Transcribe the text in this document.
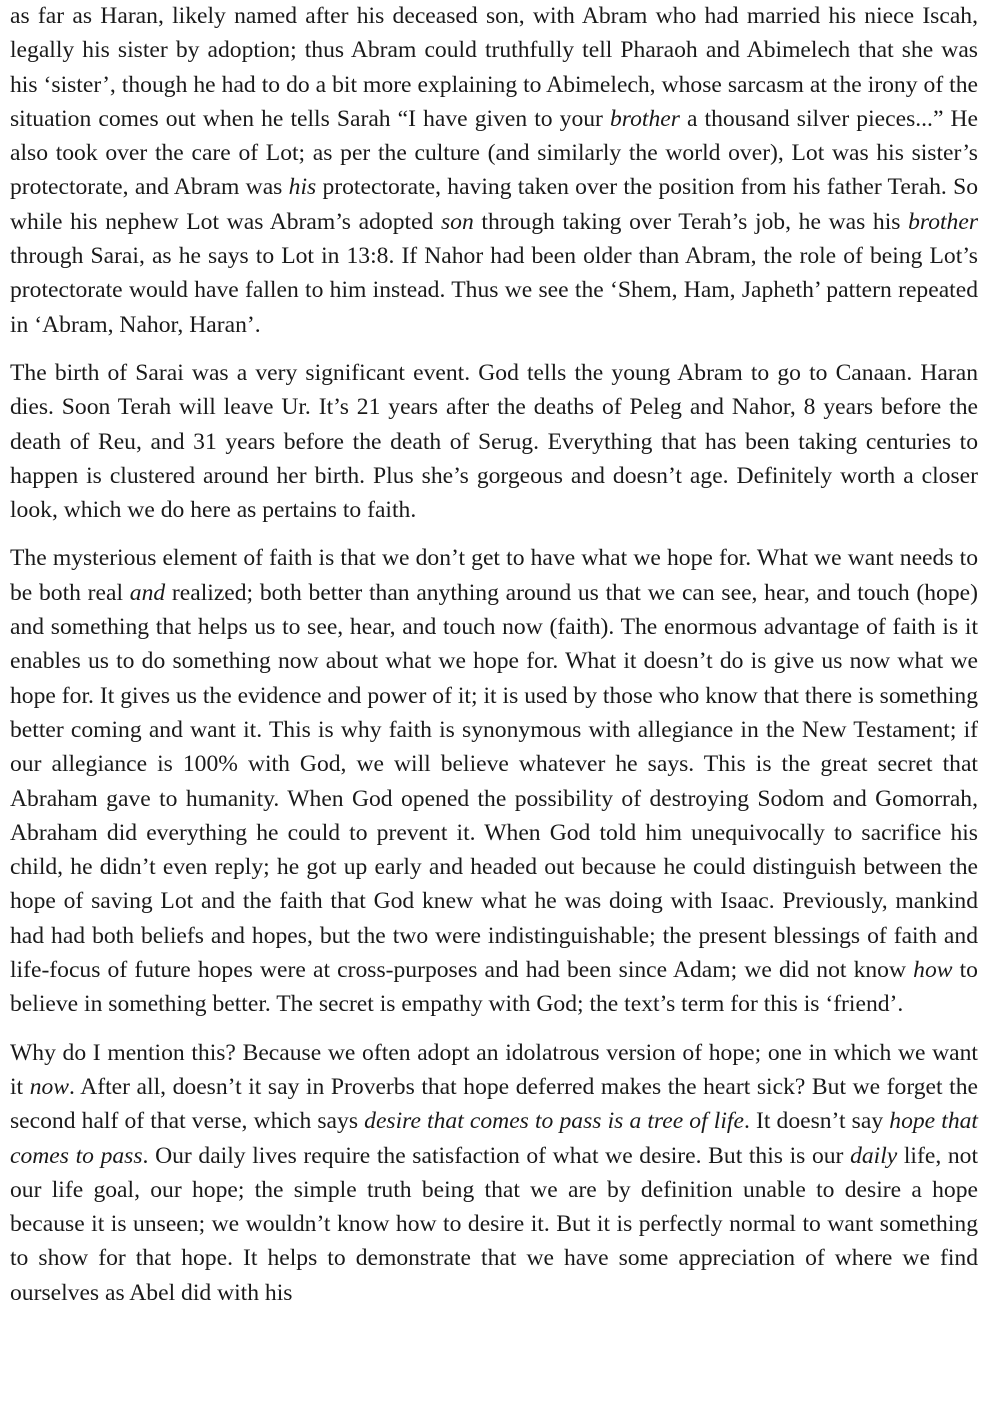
as far as Haran, likely named after his deceased son, with Abram who had married his niece Iscah, legally his sister by adoption; thus Abram could truthfully tell Pharaoh and Abimelech that she was his ‘sister’, though he had to do a bit more explaining to Abimelech, whose sarcasm at the irony of the situation comes out when he tells Sarah “I have given to your brother a thousand silver pieces...” He also took over the care of Lot; as per the culture (and similarly the world over), Lot was his sister’s protectorate, and Abram was his protectorate, having taken over the position from his father Terah. So while his nephew Lot was Abram’s adopted son through taking over Terah’s job, he was his brother through Sarai, as he says to Lot in 13:8. If Nahor had been older than Abram, the role of being Lot’s protectorate would have fallen to him instead. Thus we see the ‘Shem, Ham, Japheth’ pattern repeated in ‘Abram, Nahor, Haran’.

The birth of Sarai was a very significant event. God tells the young Abram to go to Canaan. Haran dies. Soon Terah will leave Ur. It’s 21 years after the deaths of Peleg and Nahor, 8 years before the death of Reu, and 31 years before the death of Serug. Everything that has been taking centuries to happen is clustered around her birth. Plus she’s gorgeous and doesn’t age. Definitely worth a closer look, which we do here as pertains to faith.

The mysterious element of faith is that we don’t get to have what we hope for. What we want needs to be both real and realized; both better than anything around us that we can see, hear, and touch (hope) and something that helps us to see, hear, and touch now (faith). The enormous advantage of faith is it enables us to do something now about what we hope for. What it doesn’t do is give us now what we hope for. It gives us the evidence and power of it; it is used by those who know that there is something better coming and want it. This is why faith is synonymous with allegiance in the New Testament; if our allegiance is 100% with God, we will believe whatever he says. This is the great secret that Abraham gave to humanity. When God opened the possibility of destroying Sodom and Gomorrah, Abraham did everything he could to prevent it. When God told him unequivocally to sacrifice his child, he didn’t even reply; he got up early and headed out because he could distinguish between the hope of saving Lot and the faith that God knew what he was doing with Isaac. Previously, mankind had had both beliefs and hopes, but the two were indistinguishable; the present blessings of faith and life-focus of future hopes were at cross-purposes and had been since Adam; we did not know how to believe in something better. The secret is empathy with God; the text’s term for this is ‘friend’.

Why do I mention this? Because we often adopt an idolatrous version of hope; one in which we want it now. After all, doesn’t it say in Proverbs that hope deferred makes the heart sick? But we forget the second half of that verse, which says desire that comes to pass is a tree of life. It doesn’t say hope that comes to pass. Our daily lives require the satisfaction of what we desire. But this is our daily life, not our life goal, our hope; the simple truth being that we are by definition unable to desire a hope because it is unseen; we wouldn’t know how to desire it. But it is perfectly normal to want something to show for that hope. It helps to demonstrate that we have some appreciation of where we find ourselves as Abel did with his
